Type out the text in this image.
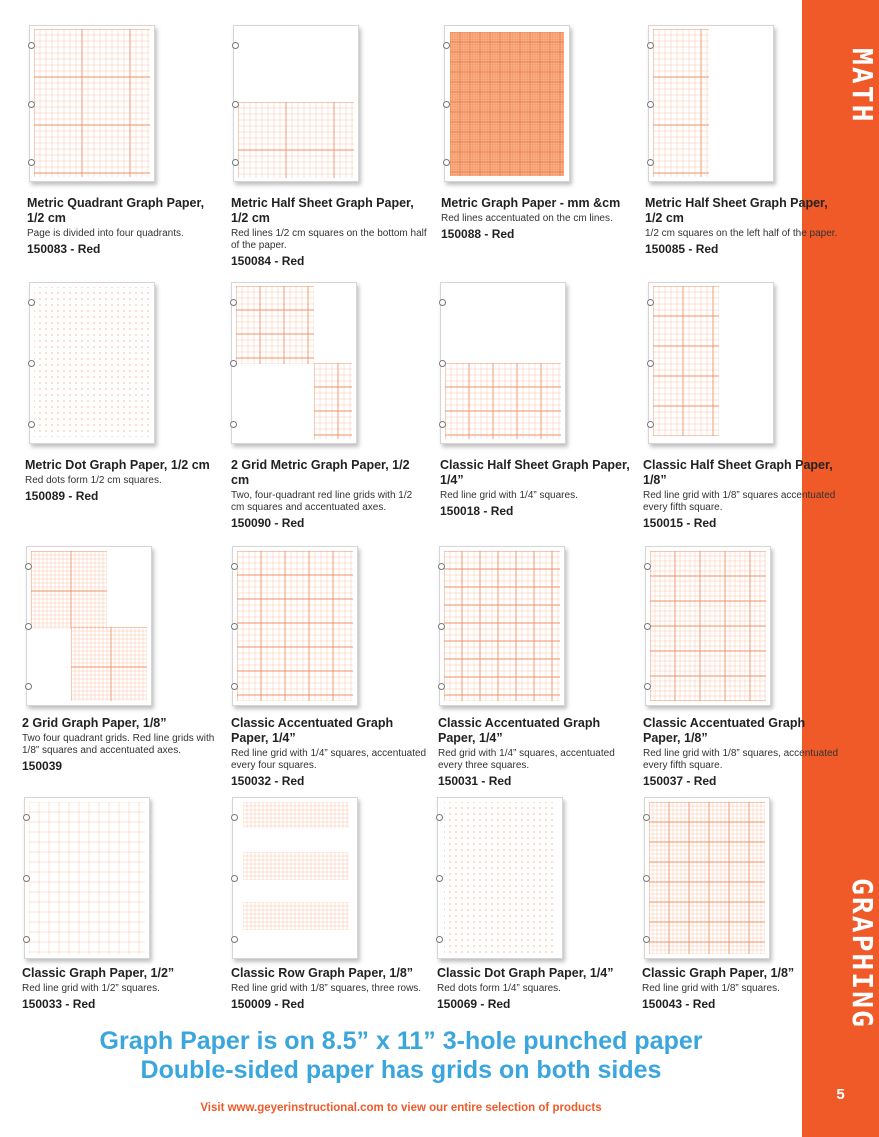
MATH
GRAPHING
5
Metric Quadrant Graph Paper, 1/2 cm
Page is divided into four quadrants.
150083 - Red
Metric Half Sheet Graph Paper, 1/2 cm
Red lines 1/2 cm squares on the bottom half of the paper.
150084 - Red
Metric Graph Paper - mm &cm
Red lines accentuated on the cm lines.
150088 - Red
Metric Half Sheet Graph Paper, 1/2 cm
1/2 cm squares on the left half of the paper.
150085 - Red
Metric Dot Graph Paper, 1/2 cm
Red dots form 1/2 cm squares.
150089 - Red
2 Grid Metric Graph Paper, 1/2 cm
Two, four-quadrant red line grids with 1/2 cm squares and accentuated axes.
150090 - Red
Classic Half Sheet Graph Paper, 1/4”
Red line grid with 1/4” squares.
150018 - Red
Classic Half Sheet Graph Paper, 1/8”
Red line grid with 1/8” squares accentuated every fifth square.
150015 - Red
2 Grid Graph Paper, 1/8”
Two four quadrant grids. Red line grids with 1/8” squares and accentuated axes.
150039
Classic Accentuated Graph Paper, 1/4”
Red line grid with 1/4” squares, accentuated every four squares.
150032 - Red
Classic Accentuated Graph Paper, 1/4”
Red grid with 1/4” squares, accentuated every three squares.
150031 - Red
Classic Accentuated Graph Paper, 1/8”
Red line grid with 1/8” squares, accentuated every fifth square.
150037 - Red
Classic Graph Paper, 1/2”
Red line grid with 1/2” squares.
150033 - Red
Classic Row Graph Paper, 1/8”
Red line grid with 1/8” squares, three rows.
150009 - Red
Classic Dot Graph Paper, 1/4”
Red dots form 1/4” squares.
150069 - Red
Classic Graph Paper, 1/8”
Red line grid with 1/8” squares.
150043 - Red
Graph Paper is on 8.5” x 11” 3-hole punched paper
Double-sided paper has grids on both sides
Visit www.geyerinstructional.com to view our entire selection of products
